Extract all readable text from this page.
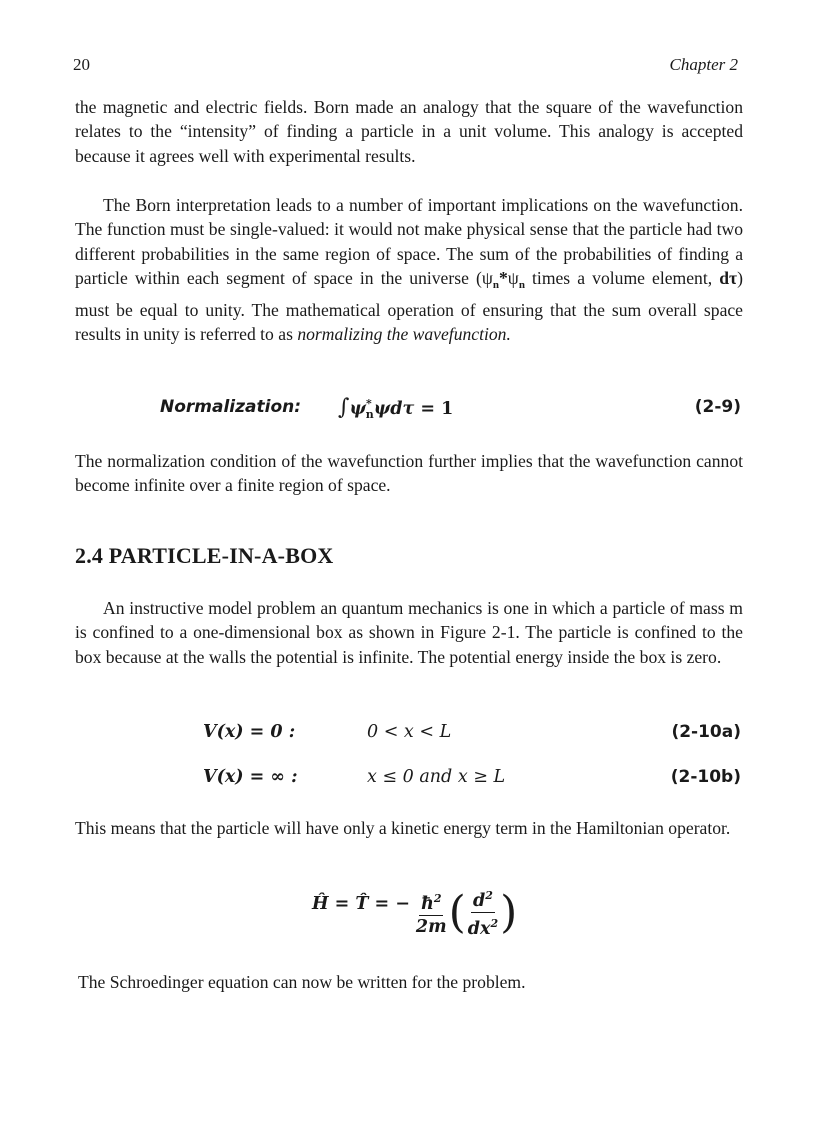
20	Chapter 2

the magnetic and electric fields. Born made an analogy that the square of the wavefunction relates to the “intensity” of finding a particle in a unit volume. This analogy is accepted because it agrees well with experimental results.

The Born interpretation leads to a number of important implications on the wavefunction. The function must be single-valued: it would not make physical sense that the particle had two different probabilities in the same region of space. The sum of the probabilities of finding a particle within each segment of space in the universe ($\psi_n*\psi_n$ times a volume element, dτ) must be equal to unity. The mathematical operation of ensuring that the sum overall space results in unity is referred to as normalizing the wavefunction.

Normalization: $\int\psi^*_n\psi d\tau = 1$	(2-9)

The normalization condition of the wavefunction further implies that the wavefunction cannot become infinite over a finite region of space.

2.4 PARTICLE-IN-A-BOX

An instructive model problem an quantum mechanics is one in which a particle of mass m is confined to a one-dimensional box as shown in Figure 2-1. The particle is confined to the box because at the walls the potential is infinite. The potential energy inside the box is zero.

V(x) = 0 :	0 < x < L	(2-10a)
V(x) = ∞ :	x ≤ 0 and x ≥ L	(2-10b)

This means that the particle will have only a kinetic energy term in the Hamiltonian operator.

Ĥ = T̂ = − $\frac{ħ^2}{2m}$ ( $\frac{d^2}{dx^2}$ )

The Schroedinger equation can now be written for the problem.
